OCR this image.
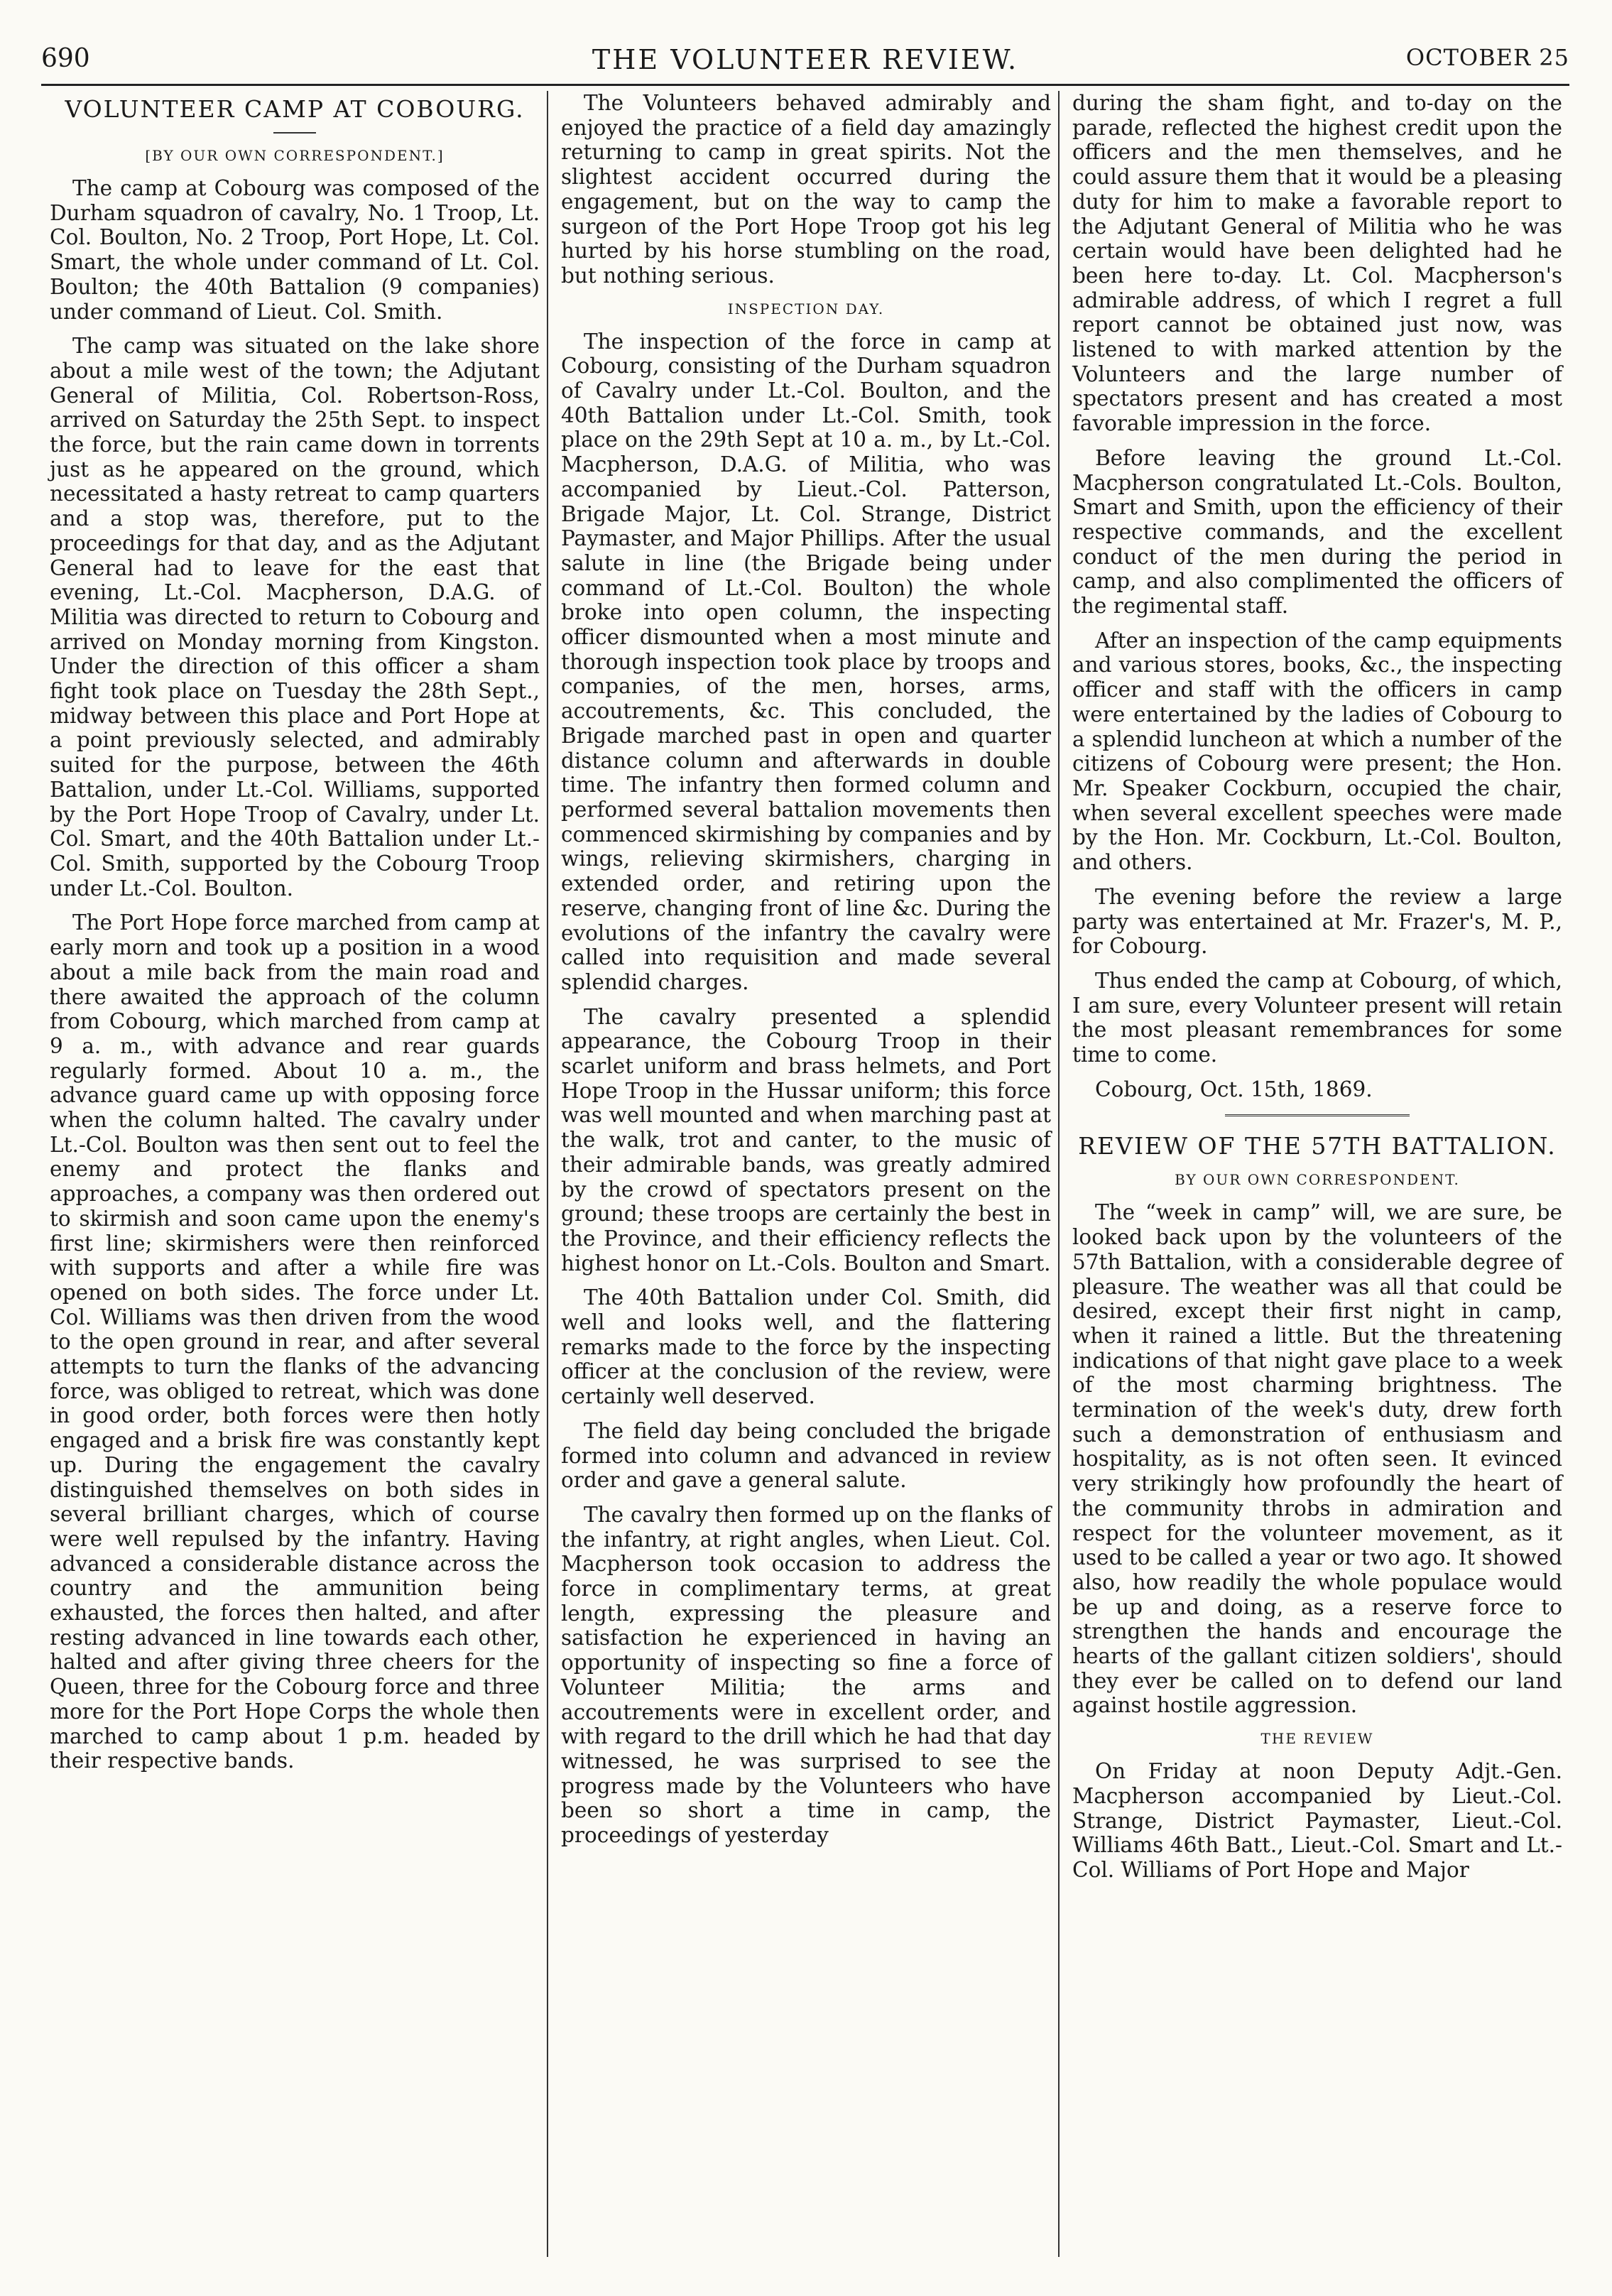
690	THE VOLUNTEER REVIEW.	OCTOBER 25
VOLUNTEER CAMP AT COBOURG.
[BY OUR OWN CORRESPONDENT.]

The camp at Cobourg was composed of the Durham squadron of cavalry, No. 1 Troop, Lt. Col. Boulton, No. 2 Troop, Port Hope, Lt. Col. Smart, the whole under command of Lt. Col. Boulton; the 40th Battalion (9 companies) under command of Lieut. Col. Smith.

The camp was situated on the lake shore about a mile west of the town; the Adjutant General of Militia, Col. Robertson-Ross, arrived on Saturday the 25th Sept. to inspect the force, but the rain came down in torrents just as he appeared on the ground, which necessitated a hasty retreat to camp quarters and a stop was, therefore, put to the proceedings for that day, and as the Adjutant General had to leave for the east that evening, Lt.-Col. Macpherson, D.A.G. of Militia was directed to return to Cobourg and arrived on Monday morning from Kingston. Under the direction of this officer a sham fight took place on Tuesday the 28th Sept., midway between this place and Port Hope at a point previously selected, and admirably suited for the purpose, between the 46th Battalion, under Lt.-Col. Williams, supported by the Port Hope Troop of Cavalry, under Lt. Col. Smart, and the 40th Battalion under Lt.-Col. Smith, supported by the Cobourg Troop under Lt.-Col. Boulton.

The Port Hope force marched from camp at early morn and took up a position in a wood about a mile back from the main road and there awaited the approach of the column from Cobourg, which marched from camp at 9 a. m., with advance and rear guards regularly formed. About 10 a. m., the advance guard came up with opposing force when the column halted. The cavalry under Lt.-Col. Boulton was then sent out to feel the enemy and protect the flanks and approaches, a company was then ordered out to skirmish and soon came upon the enemy's first line; skirmishers were then reinforced with supports and after a while fire was opened on both sides. The force under Lt. Col. Williams was then driven from the wood to the open ground in rear, and after several attempts to turn the flanks of the advancing force, was obliged to retreat, which was done in good order, both forces were then hotly engaged and a brisk fire was constantly kept up. During the engagement the cavalry distinguished themselves on both sides in several brilliant charges, which of course were well repulsed by the infantry. Having advanced a considerable distance across the country and the ammunition being exhausted, the forces then halted, and after resting advanced in line towards each other, halted and after giving three cheers for the Queen, three for the Cobourg force and three more for the Port Hope Corps the whole then marched to camp about 1 p.m. headed by their respective bands.

The Volunteers behaved admirably and enjoyed the practice of a field day amazingly returning to camp in great spirits. Not the slightest accident occurred during the engagement, but on the way to camp the surgeon of the Port Hope Troop got his leg hurted by his horse stumbling on the road, but nothing serious.

INSPECTION DAY.

The inspection of the force in camp at Cobourg, consisting of the Durham squadron of Cavalry under Lt.-Col. Boulton, and the 40th Battalion under Lt.-Col. Smith, took place on the 29th Sept at 10 a. m., by Lt.-Col. Macpherson, D.A.G. of Militia, who was accompanied by Lieut.-Col. Patterson, Brigade Major, Lt. Col. Strange, District Paymaster, and Major Phillips. After the usual salute in line (the Brigade being under command of Lt.-Col. Boulton) the whole broke into open column, the inspecting officer dismounted when a most minute and thorough inspection took place by troops and companies, of the men, horses, arms, accoutrements, &c. This concluded, the Brigade marched past in open and quarter distance column and afterwards in double time. The infantry then formed column and performed several battalion movements then commenced skirmishing by companies and by wings, relieving skirmishers, charging in extended order, and retiring upon the reserve, changing front of line &c. During the evolutions of the infantry the cavalry were called into requisition and made several splendid charges.

The cavalry presented a splendid appearance, the Cobourg Troop in their scarlet uniform and brass helmets, and Port Hope Troop in the Hussar uniform; this force was well mounted and when marching past at the walk, trot and canter, to the music of their admirable bands, was greatly admired by the crowd of spectators present on the ground; these troops are certainly the best in the Province, and their efficiency reflects the highest honor on Lt.-Cols. Boulton and Smart.

The 40th Battalion under Col. Smith, did well and looks well, and the flattering remarks made to the force by the inspecting officer at the conclusion of the review, were certainly well deserved.

The field day being concluded the brigade formed into column and advanced in review order and gave a general salute.

The cavalry then formed up on the flanks of the infantry, at right angles, when Lieut. Col. Macpherson took occasion to address the force in complimentary terms, at great length, expressing the pleasure and satisfaction he experienced in having an opportunity of inspecting so fine a force of Volunteer Militia; the arms and accoutrements were in excellent order, and with regard to the drill which he had that day witnessed, he was surprised to see the progress made by the Volunteers who have been so short a time in camp, the proceedings of yesterday

during the sham fight, and to-day on the parade, reflected the highest credit upon the officers and the men themselves, and he could assure them that it would be a pleasing duty for him to make a favorable report to the Adjutant General of Militia who he was certain would have been delighted had he been here to-day. Lt. Col. Macpherson's admirable address, of which I regret a full report cannot be obtained just now, was listened to with marked attention by the Volunteers and the large number of spectators present and has created a most favorable impression in the force.

Before leaving the ground Lt.-Col. Macpherson congratulated Lt.-Cols. Boulton, Smart and Smith, upon the efficiency of their respective commands, and the excellent conduct of the men during the period in camp, and also complimented the officers of the regimental staff.

After an inspection of the camp equipments and various stores, books, &c., the inspecting officer and staff with the officers in camp were entertained by the ladies of Cobourg to a splendid luncheon at which a number of the citizens of Cobourg were present; the Hon. Mr. Speaker Cockburn, occupied the chair, when several excellent speeches were made by the Hon. Mr. Cockburn, Lt.-Col. Boulton, and others.

The evening before the review a large party was entertained at Mr. Frazer's, M. P., for Cobourg.

Thus ended the camp at Cobourg, of which, I am sure, every Volunteer present will retain the most pleasant remembrances for some time to come.

Cobourg, Oct. 15th, 1869.

REVIEW OF THE 57TH BATTALION.
BY OUR OWN CORRESPONDENT.

The “week in camp” will, we are sure, be looked back upon by the volunteers of the 57th Battalion, with a considerable degree of pleasure. The weather was all that could be desired, except their first night in camp, when it rained a little. But the threatening indications of that night gave place to a week of the most charming brightness. The termination of the week's duty, drew forth such a demonstration of enthusiasm and hospitality, as is not often seen. It evinced very strikingly how profoundly the heart of the community throbs in admiration and respect for the volunteer movement, as it used to be called a year or two ago. It showed also, how readily the whole populace would be up and doing, as a reserve force to strengthen the hands and encourage the hearts of the gallant citizen soldiers', should they ever be called on to defend our land against hostile aggression.

THE REVIEW

On Friday at noon Deputy Adjt.-Gen. Macpherson accompanied by Lieut.-Col. Strange, District Paymaster, Lieut.-Col. Williams 46th Batt., Lieut.-Col. Smart and Lt.-Col. Williams of Port Hope and Major
